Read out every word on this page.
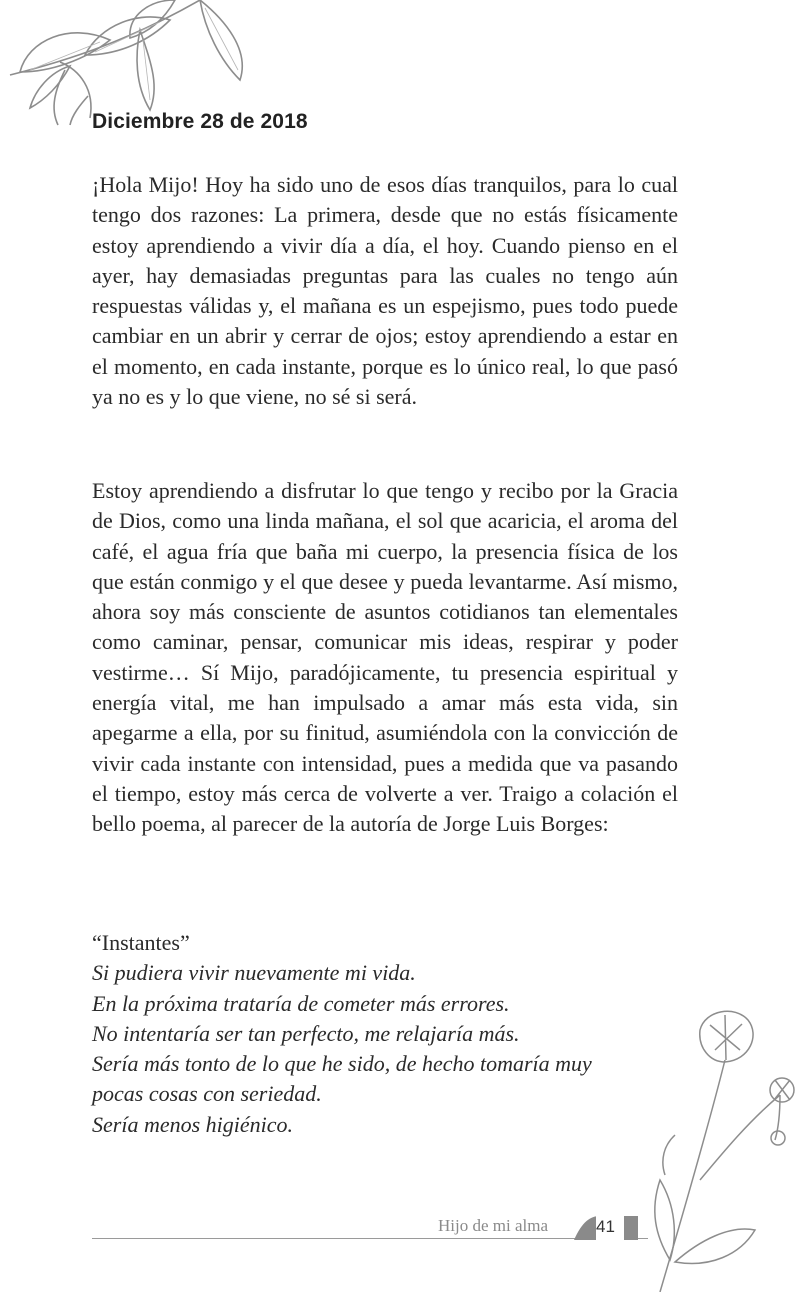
Diciembre 28 de 2018

¡Hola Mijo! Hoy ha sido uno de esos días tranquilos, para lo cual tengo dos razones: La primera, desde que no estás físicamente estoy aprendiendo a vivir día a día, el hoy. Cuando pienso en el ayer, hay demasiadas preguntas para las cuales no tengo aún respuestas válidas y, el mañana es un espejismo, pues todo puede cambiar en un abrir y cerrar de ojos; estoy aprendiendo a estar en el momento, en cada instante, porque es lo único real, lo que pasó ya no es y lo que viene, no sé si será.

Estoy aprendiendo a disfrutar lo que tengo y recibo por la Gracia de Dios, como una linda mañana, el sol que acaricia, el aroma del café, el agua fría que baña mi cuerpo, la presencia física de los que están conmigo y el que desee y pueda levantarme. Así mismo, ahora soy más consciente de asuntos cotidianos tan elementales como caminar, pensar, comunicar mis ideas, respirar y poder vestirme… Sí Mijo, paradójicamente, tu presencia espiritual y energía vital, me han impulsado a amar más esta vida, sin apegarme a ella, por su finitud, asumiéndola con la convicción de vivir cada instante con intensidad, pues a medida que va pasando el tiempo, estoy más cerca de volverte a ver. Traigo a colación el bello poema, al parecer de la autoría de Jorge Luis Borges:

“Instantes”
Si pudiera vivir nuevamente mi vida.
En la próxima trataría de cometer más errores.
No intentaría ser tan perfecto, me relajaría más.
Sería más tonto de lo que he sido, de hecho tomaría muy
pocas cosas con seriedad.
Sería menos higiénico.
Hijo de mi alma	41
